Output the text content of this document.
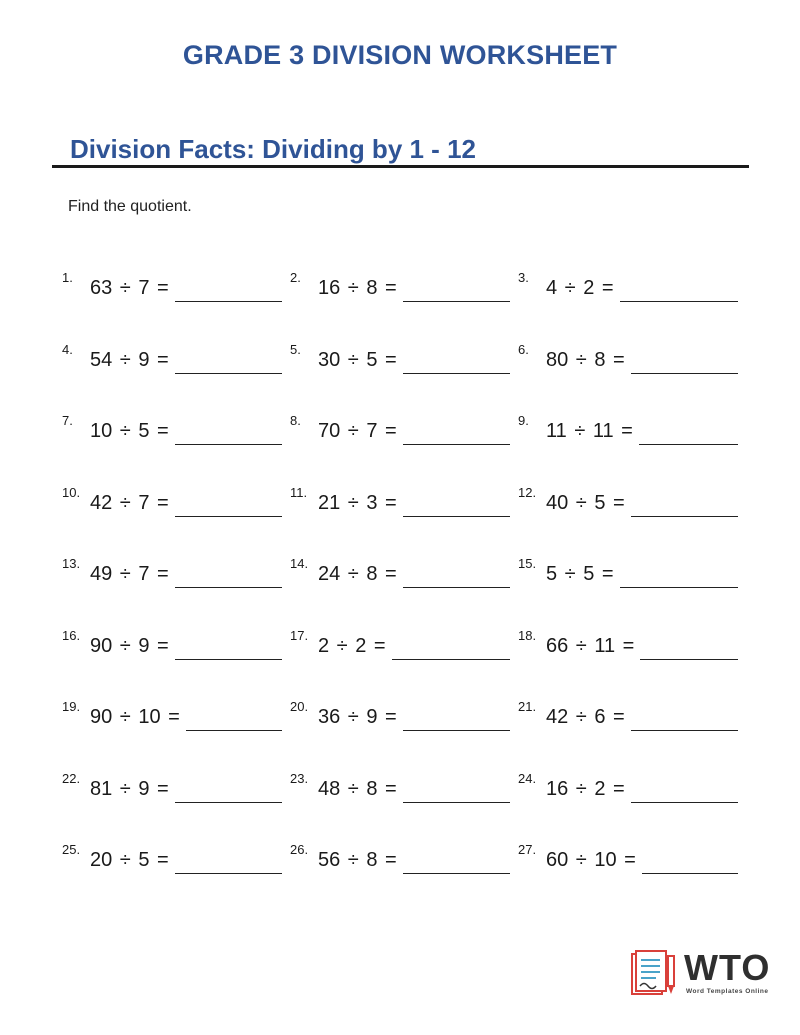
GRADE 3 DIVISION WORKSHEET
Division Facts: Dividing by 1 - 12
Find the quotient.
1. 63 ÷ 7 =	2. 16 ÷ 8 =	3. 4 ÷ 2 =
4. 54 ÷ 9 =	5. 30 ÷ 5 =	6. 80 ÷ 8 =
7. 10 ÷ 5 =	8. 70 ÷ 7 =	9. 11 ÷ 11 =
10. 42 ÷ 7 =	11. 21 ÷ 3 =	12. 40 ÷ 5 =
13. 49 ÷ 7 =	14. 24 ÷ 8 =	15. 5 ÷ 5 =
16. 90 ÷ 9 =	17. 2 ÷ 2 =	18. 66 ÷ 11 =
19. 90 ÷ 10 =	20. 36 ÷ 9 =	21. 42 ÷ 6 =
22. 81 ÷ 9 =	23. 48 ÷ 8 =	24. 16 ÷ 2 =
25. 20 ÷ 5 =	26. 56 ÷ 8 =	27. 60 ÷ 10 =
WTO
Word Templates Online
